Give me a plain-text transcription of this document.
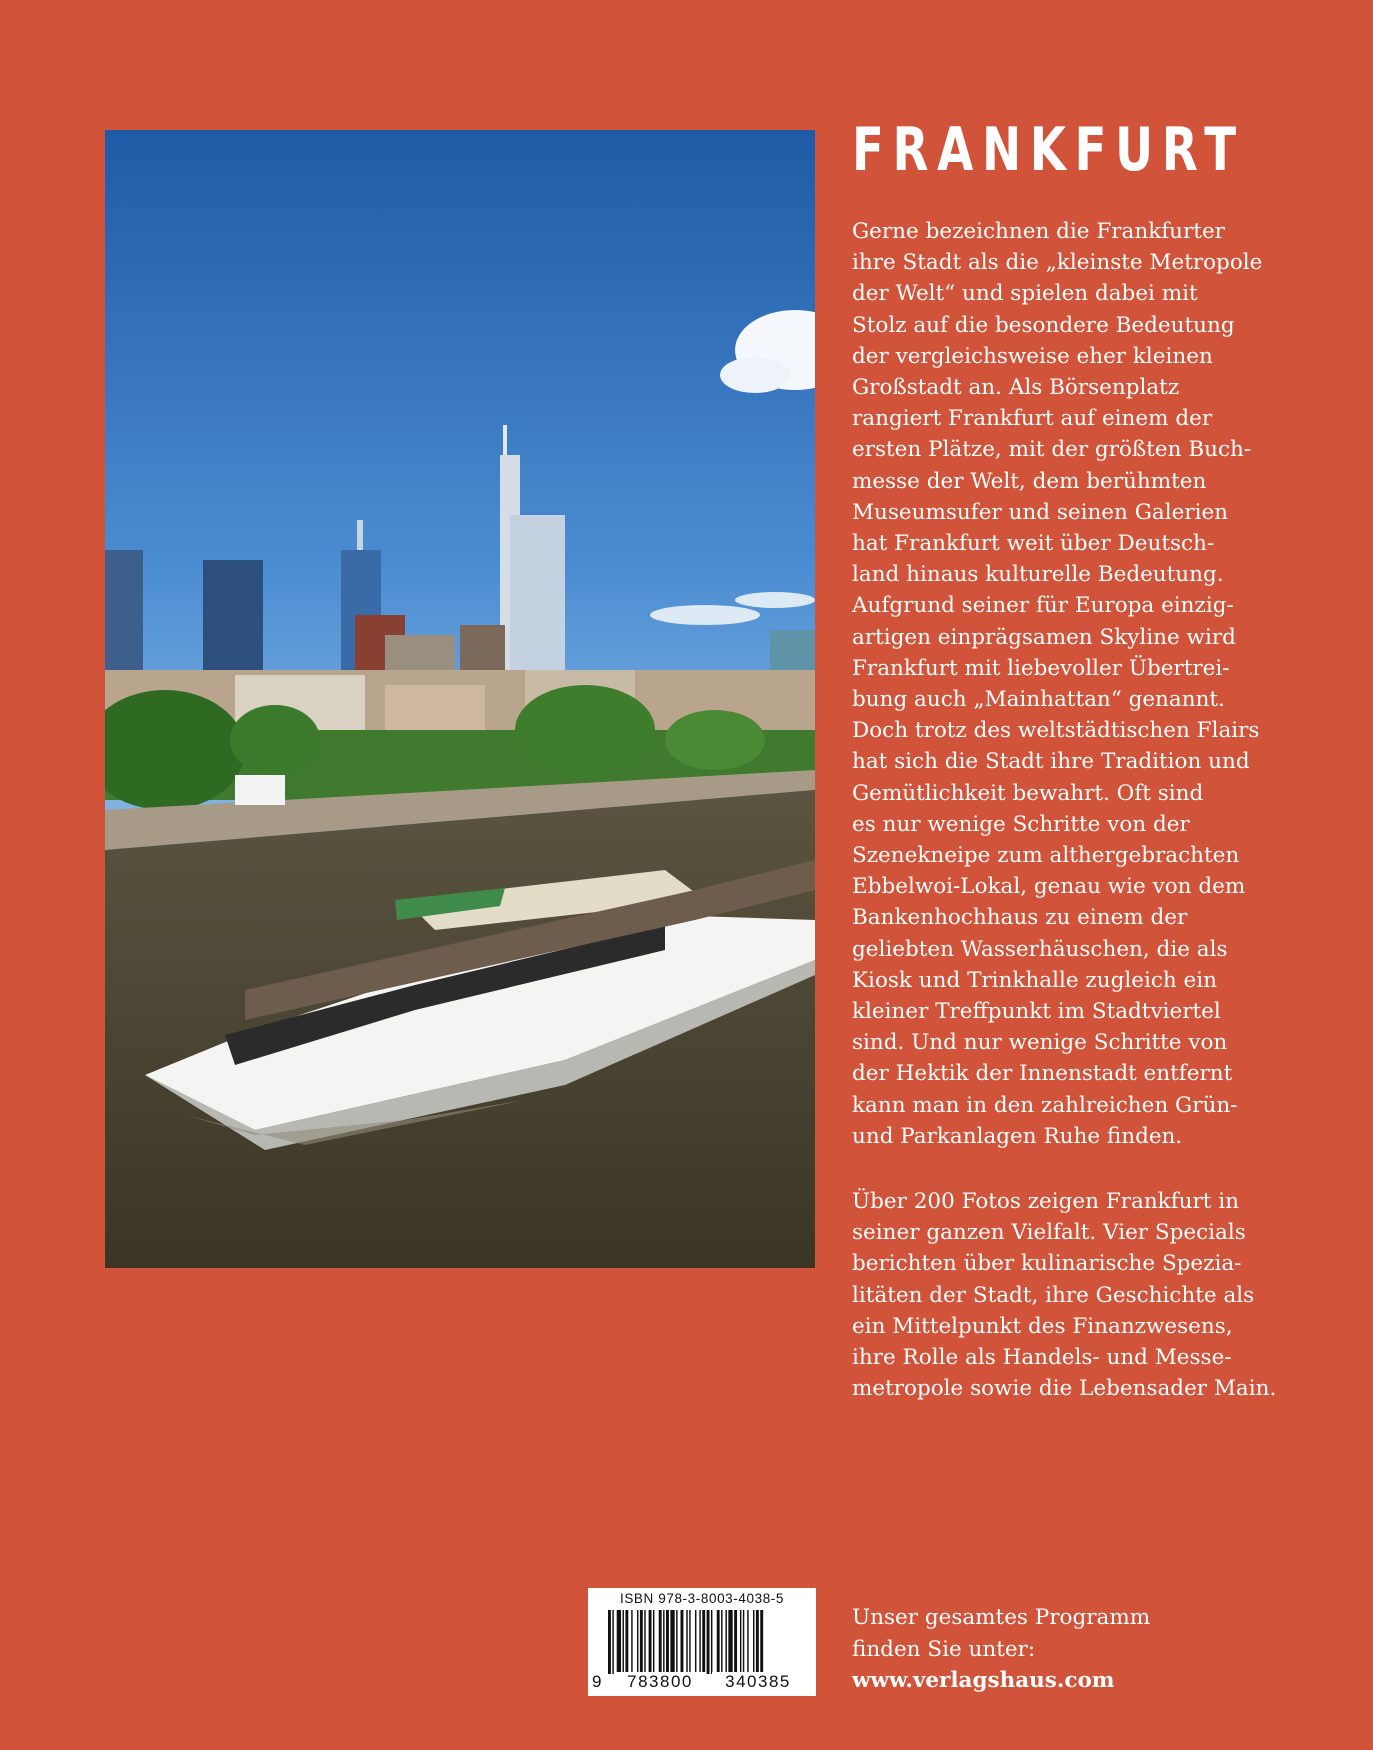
FRANKFURT
Gerne bezeichnen die Frankfurter
ihre Stadt als die „kleinste Metropole
der Welt“ und spielen dabei mit
Stolz auf die besondere Bedeutung
der vergleichsweise eher kleinen
Großstadt an. Als Börsenplatz
rangiert Frankfurt auf einem der
ersten Plätze, mit der größten Buch-
messe der Welt, dem berühmten
Museumsufer und seinen Galerien
hat Frankfurt weit über Deutsch-
land hinaus kulturelle Bedeutung.
Aufgrund seiner für Europa einzig-
artigen einprägsamen Skyline wird
Frankfurt mit liebevoller Übertrei-
bung auch „Mainhattan“ genannt.
Doch trotz des weltstädtischen Flairs
hat sich die Stadt ihre Tradition und
Gemütlichkeit bewahrt. Oft sind
es nur wenige Schritte von der
Szenekneipe zum althergebrachten
Ebbelwoi-Lokal, genau wie von dem
Bankenhochhaus zu einem der
geliebten Wasserhäuschen, die als
Kiosk und Trinkhalle zugleich ein
kleiner Treffpunkt im Stadtviertel
sind. Und nur wenige Schritte von
der Hektik der Innenstadt entfernt
kann man in den zahlreichen Grün-
und Parkanlagen Ruhe finden.
Über 200 Fotos zeigen Frankfurt in
seiner ganzen Vielfalt. Vier Specials
berichten über kulinarische Spezia-
litäten der Stadt, ihre Geschichte als
ein Mittelpunkt des Finanzwesens,
ihre Rolle als Handels- und Messe-
metropole sowie die Lebensader Main.
ISBN 978-3-8003-4038-5
9	783800	340385
Unser gesamtes Programm
finden Sie unter:
www.verlagshaus.com
